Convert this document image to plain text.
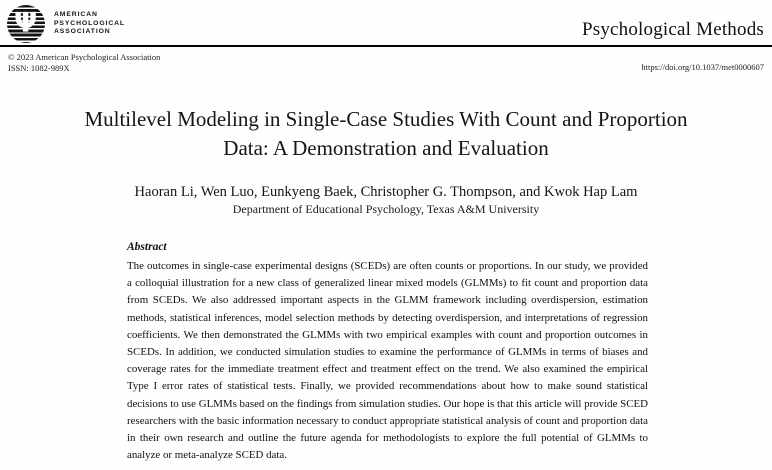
Ψ AMERICAN
PSYCHOLOGICAL
ASSOCIATION	Psychological Methods
© 2023 American Psychological Association
ISSN: 1082-989X	https://doi.org/10.1037/met0000607
Multilevel Modeling in Single-Case Studies With Count and Proportion
Data: A Demonstration and Evaluation
Haoran Li, Wen Luo, Eunkyeng Baek, Christopher G. Thompson, and Kwok Hap Lam
Department of Educational Psychology, Texas A&M University
Abstract
The outcomes in single-case experimental designs (SCEDs) are often counts or proportions. In our study, we provided a colloquial illustration for a new class of generalized linear mixed models (GLMMs) to fit count and proportion data from SCEDs. We also addressed important aspects in the GLMM framework including overdispersion, estimation methods, statistical inferences, model selection methods by detecting overdispersion, and interpretations of regression coefficients. We then demonstrated the GLMMs with two empirical examples with count and proportion outcomes in SCEDs. In addition, we conducted simulation studies to examine the performance of GLMMs in terms of biases and coverage rates for the immediate treatment effect and treatment effect on the trend. We also examined the empirical Type I error rates of statistical tests. Finally, we provided recommendations about how to make sound statistical decisions to use GLMMs based on the findings from simulation studies. Our hope is that this article will provide SCED researchers with the basic information necessary to conduct appropriate statistical analysis of count and proportion data in their own research and outline the future agenda for methodologists to explore the full potential of GLMMs to analyze or meta-analyze SCED data.
